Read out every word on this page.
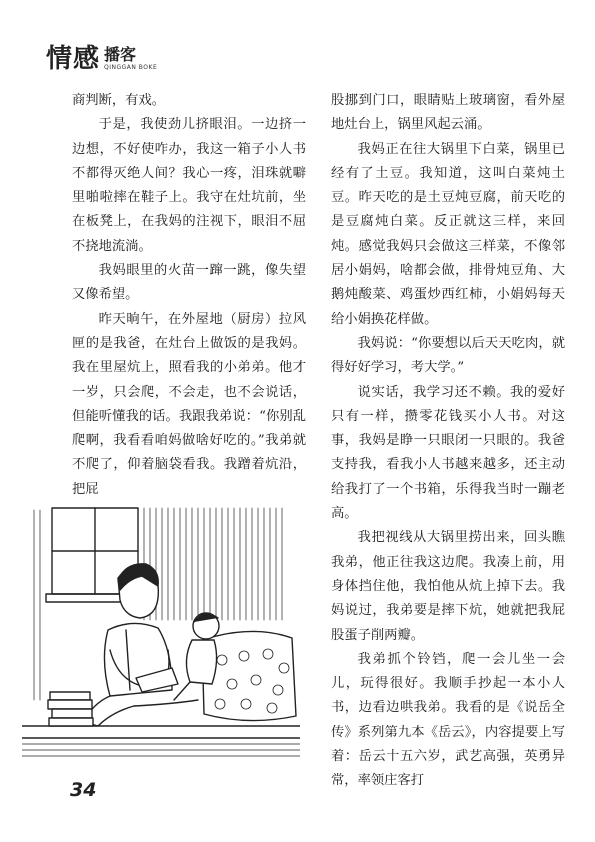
情感 播客
QINGGAN BOKE

商判断，有戏。

于是，我使劲儿挤眼泪。一边挤一边想，不好使咋办，我这一箱子小人书不都得灭绝人间？我心一疼，泪珠就噼里啪啦摔在鞋子上。我守在灶坑前，坐在板凳上，在我妈的注视下，眼泪不屈不挠地流淌。

我妈眼里的火苗一蹿一跳，像失望又像希望。

昨天晌午，在外屋地（厨房）拉风匣的是我爸，在灶台上做饭的是我妈。我在里屋炕上，照看我的小弟弟。他才一岁，只会爬，不会走，也不会说话，但能听懂我的话。我跟我弟说：“你别乱爬啊，我看看咱妈做啥好吃的。”我弟就不爬了，仰着脑袋看我。我蹭着炕沿，把屁

股挪到门口，眼睛贴上玻璃窗，看外屋地灶台上，锅里风起云涌。

我妈正在往大锅里下白菜，锅里已经有了土豆。我知道，这叫白菜炖土豆。昨天吃的是土豆炖豆腐，前天吃的是豆腐炖白菜。反正就这三样，来回炖。感觉我妈只会做这三样菜，不像邻居小娟妈，啥都会做，排骨炖豆角、大鹅炖酸菜、鸡蛋炒西红柿，小娟妈每天给小娟换花样做。

我妈说：“你要想以后天天吃肉，就得好好学习，考大学。”

说实话，我学习还不赖。我的爱好只有一样，攒零花钱买小人书。对这事，我妈是睁一只眼闭一只眼的。我爸支持我，看我小人书越来越多，还主动给我打了一个书箱，乐得我当时一蹦老高。

我把视线从大锅里捞出来，回头瞧我弟，他正往我这边爬。我凑上前，用身体挡住他，我怕他从炕上掉下去。我妈说过，我弟要是摔下炕，她就把我屁股蛋子削两瓣。

我弟抓个铃铛，爬一会儿坐一会儿，玩得很好。我顺手抄起一本小人书，边看边哄我弟。我看的是《说岳全传》系列第九本《岳云》，内容提要上写着：岳云十五六岁，武艺高强，英勇异常，率领庄客打

34
